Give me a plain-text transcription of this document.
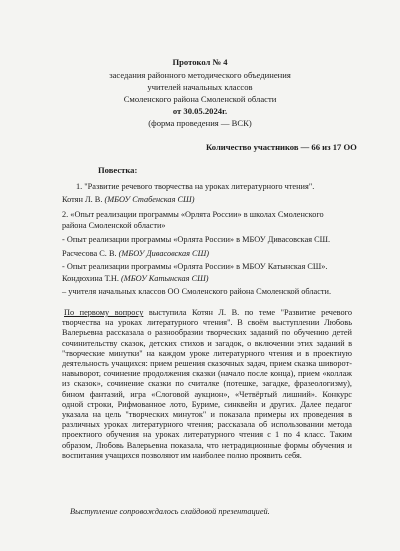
Протокол № 4
заседания районного методического объединения
учителей начальных классов
Смоленского района Смоленской области
от 30.05.2024г.
(форма проведения — ВСК)
Количество участников — 66 из 17 ОО
Повестка:
1. "Развитие речевого творчества на уроках литературного чтения".
Котян Л. В. (МБОУ Стабенская СШ)
2. «Опыт реализации программы «Орлята России» в школах Смоленского
района Смоленской области»
- Опыт реализации программы «Орлята России» в МБОУ Дивасовская СШ.
Расчесова С. В. (МБОУ Дивасовская СШ)
- Опыт реализации программы «Орлята России» в МБОУ Катынская СШ».
Кондюхина Т.Н. (МБОУ Катынская СШ)
– учителя начальных классов ОО Смоленского района Смоленской области.
По первому вопросу выступила Котян Л. В. по теме "Развитие речевого творчества на уроках литературного чтения". В своём выступлении Любовь Валерьевна рассказала о разнообразии творческих заданий по обучению детей сочинительству сказок, детских стихов и загадок, о включении этих заданий в "творческие минутки" на каждом уроке литературного чтения и в проектную деятельность учащихся: прием решения сказочных задач, прием сказка шиворот-навыворот, сочинение продолжения сказки (начало после конца), прием «коллаж из сказок», сочинение сказки по считалке (потешке, загадке, фразеологизму), бином фантазий, игра «Слоговой аукцион», «Четвёртый лишний». Конкурс одной строки, Рифмованное лото, Буриме, синквейн и других. Далее педагог указала на цель "творческих минуток" и показала примеры их проведения в различных уроках литературного чтения; рассказала об использовании метода проектного обучения на уроках литературного чтения с 1 по 4 класс. Таким образом, Любовь Валерьевна показала, что нетрадиционные формы обучения и воспитания учащихся позволяют им наиболее полно проявить себя.
Выступление сопровождалось слайдовой презентацией.
